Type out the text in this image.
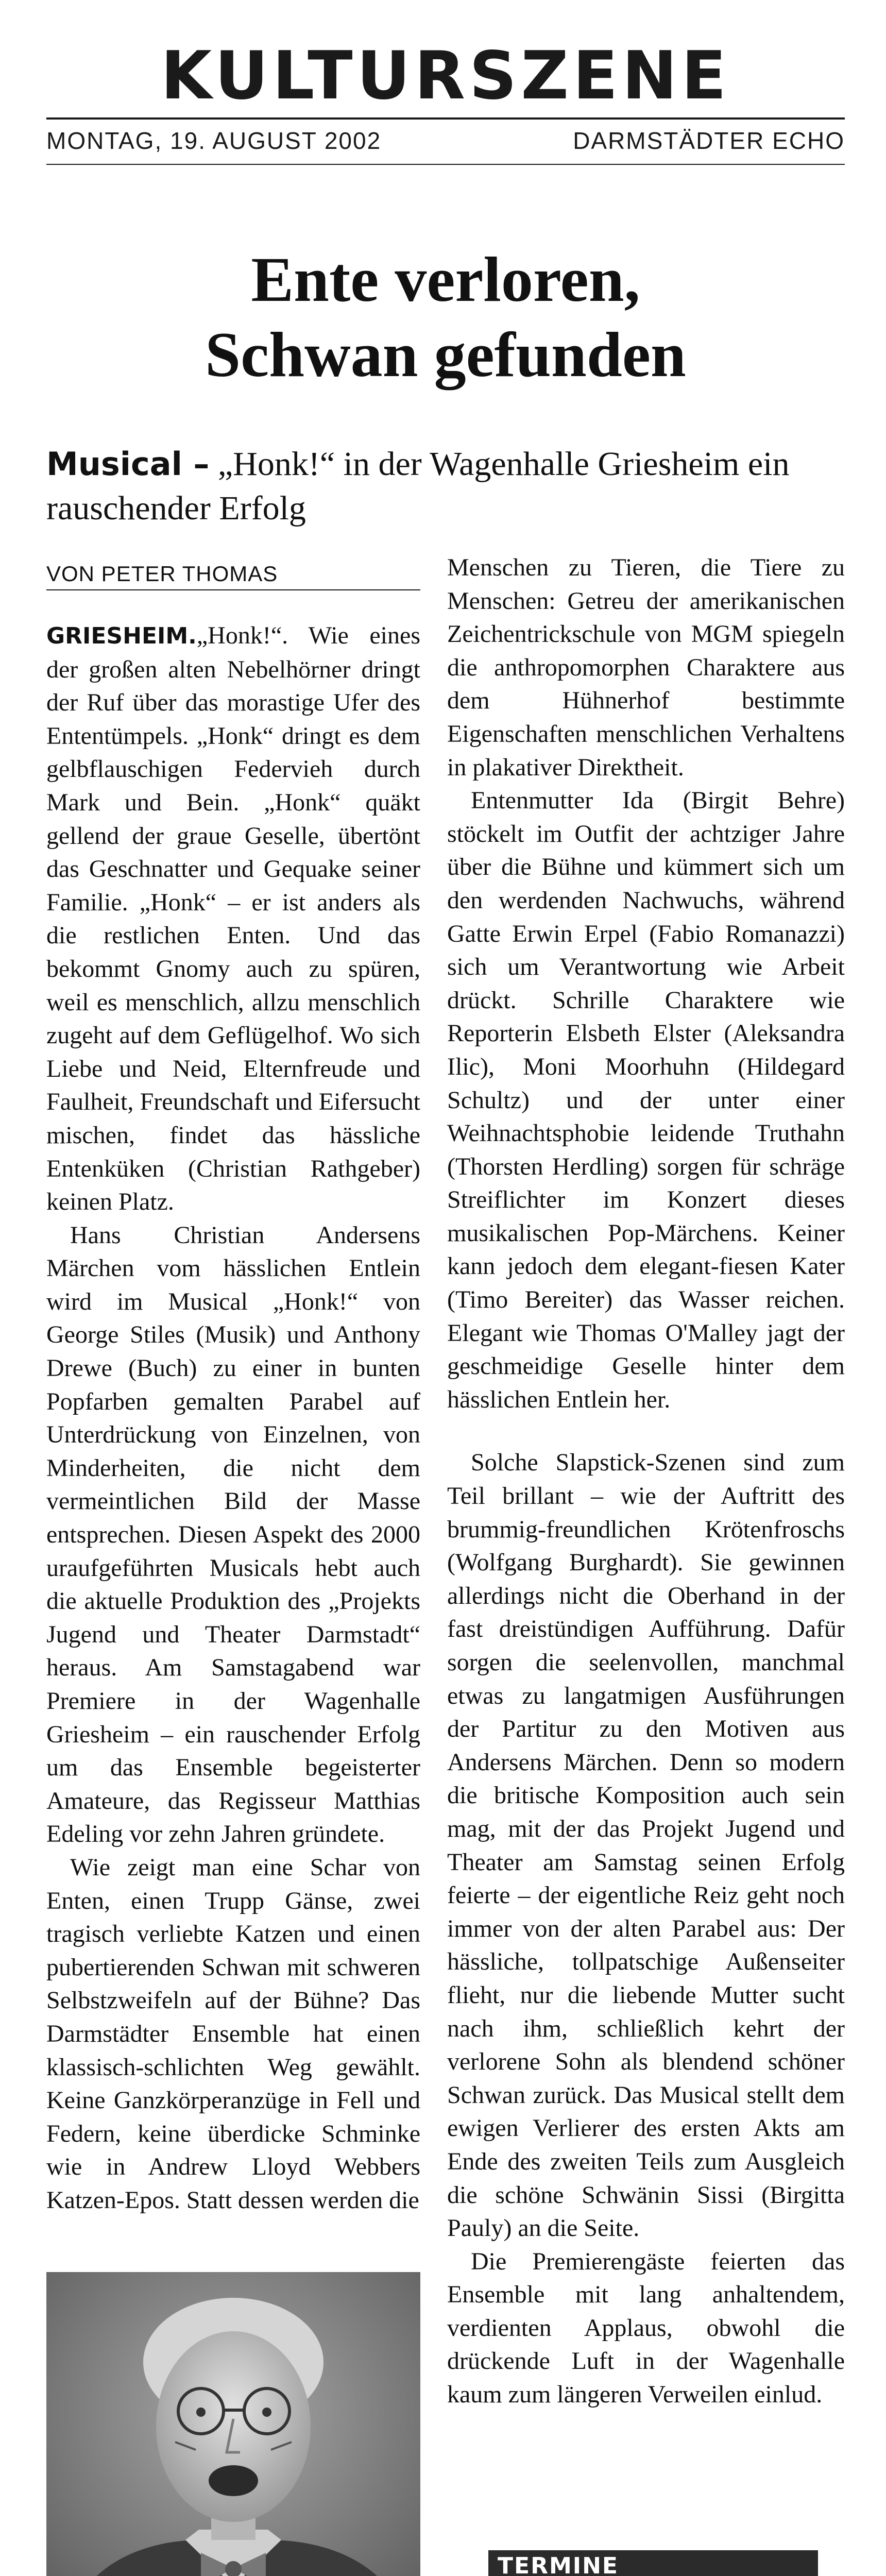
KULTURSZENE
MONTAG, 19. AUGUST 2002	DARMSTÄDTER ECHO
Ente verloren,
Schwan gefunden
Musical – „Honk!“ in der Wagenhalle Griesheim ein rauschender Erfolg
VON PETER THOMAS

GRIESHEIM.„Honk!“. Wie eines der großen alten Nebelhörner dringt der Ruf über das morastige Ufer des Ententümpels. „Honk“ dringt es dem gelbflauschigen Federvieh durch Mark und Bein. „Honk“ quäkt gellend der graue Geselle, übertönt das Geschnatter und Gequake seiner Familie. „Honk“ – er ist anders als die restlichen Enten. Und das bekommt Gnomy auch zu spüren, weil es menschlich, allzu menschlich zugeht auf dem Geflügelhof. Wo sich Liebe und Neid, Elternfreude und Faulheit, Freundschaft und Eifersucht mischen, findet das hässliche Entenküken (Christian Rathgeber) keinen Platz.

Hans Christian Andersens Märchen vom hässlichen Entlein wird im Musical „Honk!“ von George Stiles (Musik) und Anthony Drewe (Buch) zu einer in bunten Popfarben gemalten Parabel auf Unterdrückung von Einzelnen, von Minderheiten, die nicht dem vermeintlichen Bild der Masse entsprechen. Diesen Aspekt des 2000 uraufgeführten Musicals hebt auch die aktuelle Produktion des „Projekts Jugend und Theater Darmstadt“ heraus. Am Samstagabend war Premiere in der Wagenhalle Griesheim – ein rauschender Erfolg um das Ensemble begeisterter Amateure, das Regisseur Matthias Edeling vor zehn Jahren gründete.

Wie zeigt man eine Schar von Enten, einen Trupp Gänse, zwei tragisch verliebte Katzen und einen pubertierenden Schwan mit schweren Selbstzweifeln auf der Bühne? Das Darmstädter Ensemble hat einen klassisch-schlichten Weg gewählt. Keine Ganzkörperanzüge in Fell und Federn, keine überdicke Schminke wie in Andrew Lloyd Webbers Katzen-Epos. Statt dessen werden die

Menschen zu Tieren, die Tiere zu Menschen: Getreu der amerikanischen Zeichentrickschule von MGM spiegeln die anthropomorphen Charaktere aus dem Hühnerhof bestimmte Eigenschaften menschlichen Verhaltens in plakativer Direktheit.

Entenmutter Ida (Birgit Behre) stöckelt im Outfit der achtziger Jahre über die Bühne und kümmert sich um den werdenden Nachwuchs, während Gatte Erwin Erpel (Fabio Romanazzi) sich um Verantwortung wie Arbeit drückt. Schrille Charaktere wie Reporterin Elsbeth Elster (Aleksandra Ilic), Moni Moorhuhn (Hildegard Schultz) und der unter einer Weihnachtsphobie leidende Truthahn (Thorsten Herdling) sorgen für schräge Streiflichter im Konzert dieses musikalischen Pop-Märchens. Keiner kann jedoch dem elegant-fiesen Kater (Timo Bereiter) das Wasser reichen. Elegant wie Thomas O'Malley jagt der geschmeidige Geselle hinter dem hässlichen Entlein her.

Solche Slapstick-Szenen sind zum Teil brillant – wie der Auftritt des brummig-freundlichen Krötenfroschs (Wolfgang Burghardt). Sie gewinnen allerdings nicht die Oberhand in der fast dreistündigen Aufführung. Dafür sorgen die seelenvollen, manchmal etwas zu langatmigen Ausführungen der Partitur zu den Motiven aus Andersens Märchen. Denn so modern die britische Komposition auch sein mag, mit der das Projekt Jugend und Theater am Samstag seinen Erfolg feierte – der eigentliche Reiz geht noch immer von der alten Parabel aus: Der hässliche, tollpatschige Außenseiter flieht, nur die liebende Mutter sucht nach ihm, schließlich kehrt der verlorene Sohn als blendend schöner Schwan zurück. Das Musical stellt dem ewigen Verlierer des ersten Akts am Ende des zweiten Teils zum Ausgleich die schöne Schwänin Sissi (Birgitta Pauly) an die Seite.

Die Premierengäste feierten das Ensemble mit lang anhaltendem, verdienten Applaus, obwohl die drückende Luft in der Wagenhalle kaum zum längeren Verweilen einlud.

TERMINE
